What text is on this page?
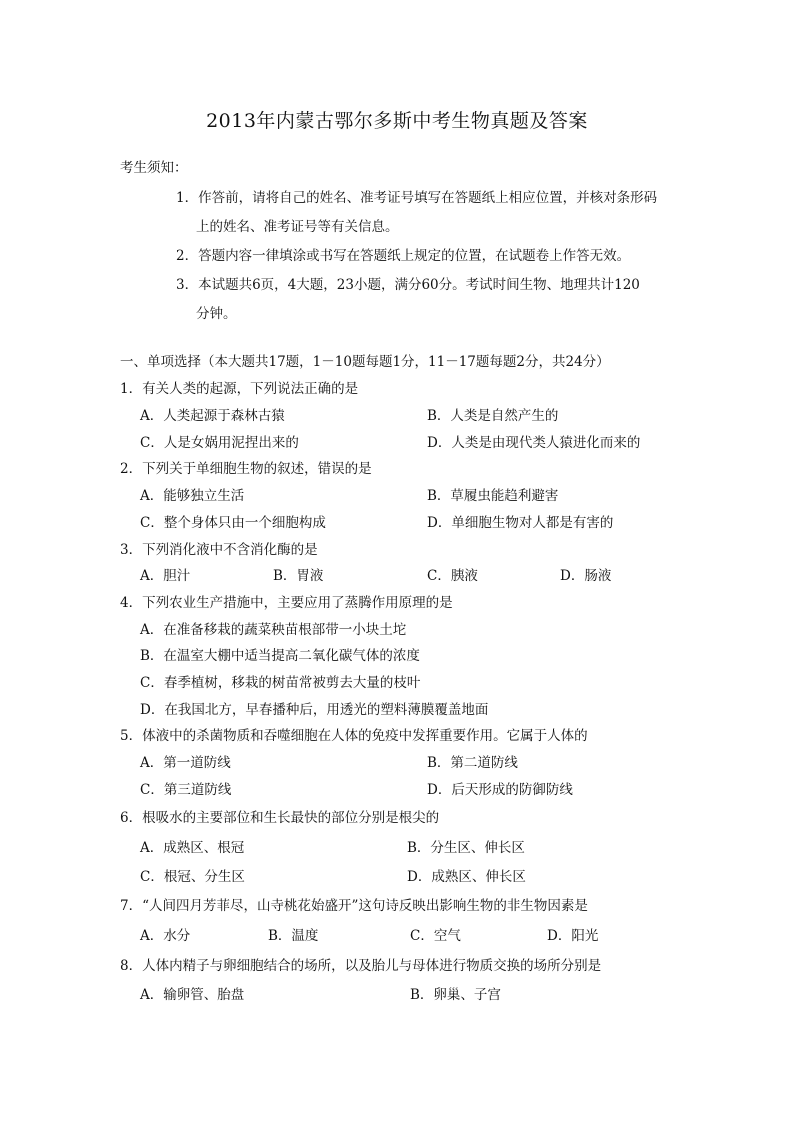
2013年内蒙古鄂尔多斯中考生物真题及答案
考生须知：
1．作答前，请将自己的姓名、准考证号填写在答题纸上相应位置，并核对条形码
上的姓名、准考证号等有关信息。
2．答题内容一律填涂或书写在答题纸上规定的位置，在试题卷上作答无效。
3．本试题共6页，4大题，23小题，满分60分。考试时间生物、地理共计120
分钟。
一、单项选择（本大题共17题，1－10题每题1分，11－17题每题2分，共24分）
1．有关人类的起源，下列说法正确的是
A．人类起源于森林古猿	B．人类是自然产生的
C．人是女娲用泥捏出来的	D．人类是由现代类人猿进化而来的
2．下列关于单细胞生物的叙述，错误的是
A．能够独立生活	B．草履虫能趋利避害
C．整个身体只由一个细胞构成	D．单细胞生物对人都是有害的
3．下列消化液中不含消化酶的是
A．胆汁	B．胃液	C．胰液	D．肠液
4．下列农业生产措施中，主要应用了蒸腾作用原理的是
A．在准备移栽的蔬菜秧苗根部带一小块土坨
B．在温室大棚中适当提高二氧化碳气体的浓度
C．春季植树，移栽的树苗常被剪去大量的枝叶
D．在我国北方，早春播种后，用透光的塑料薄膜覆盖地面
5．体液中的杀菌物质和吞噬细胞在人体的免疫中发挥重要作用。它属于人体的
A．第一道防线	B．第二道防线
C．第三道防线	D．后天形成的防御防线
6．根吸水的主要部位和生长最快的部位分别是根尖的
A．成熟区、根冠	B．分生区、伸长区
C．根冠、分生区	D．成熟区、伸长区
7．“人间四月芳菲尽，山寺桃花始盛开”这句诗反映出影响生物的非生物因素是
A．水分	B．温度	C．空气	D．阳光
8．人体内精子与卵细胞结合的场所，以及胎儿与母体进行物质交换的场所分别是
A．输卵管、胎盘	B．卵巢、子宫
